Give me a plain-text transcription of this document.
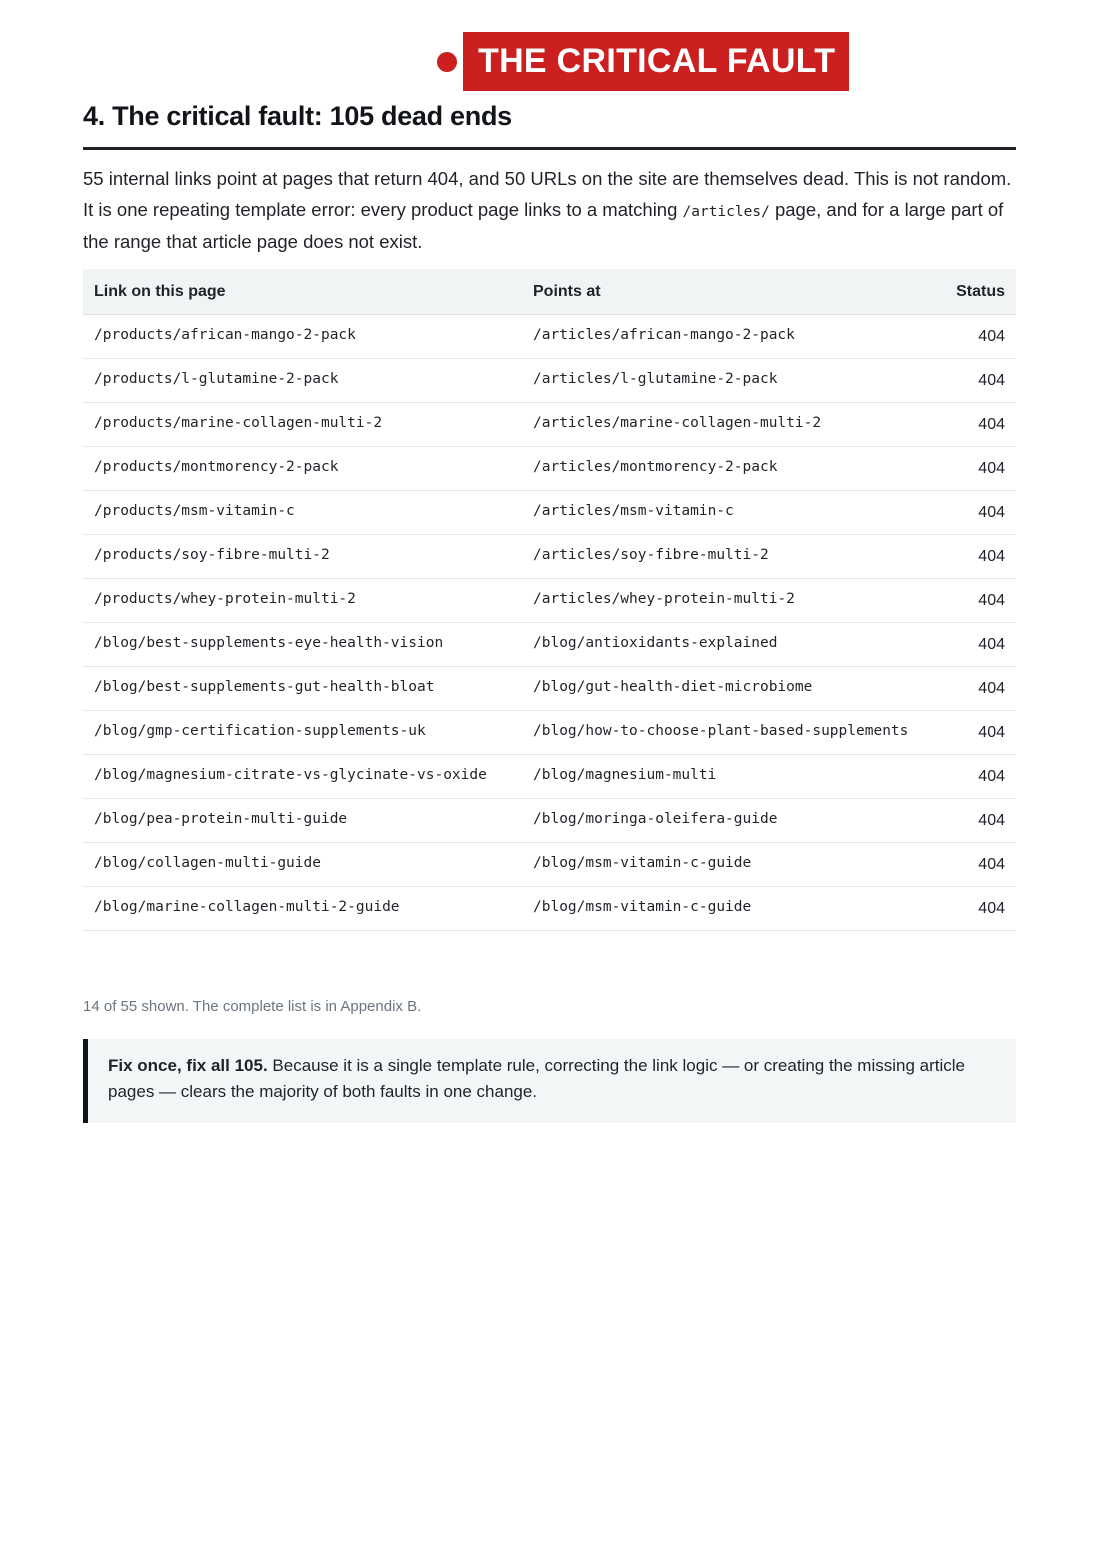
THE CRITICAL FAULT
4. The critical fault: 105 dead ends

55 internal links point at pages that return 404, and 50 URLs on the site are themselves dead. This is not random. It is one repeating template error: every product page links to a matching /articles/ page, and for a large part of the range that article page does not exist.

Link on this page	Points at	Status
/products/african-mango-2-pack	/articles/african-mango-2-pack	404
/products/l-glutamine-2-pack	/articles/l-glutamine-2-pack	404
/products/marine-collagen-multi-2	/articles/marine-collagen-multi-2	404
/products/montmorency-2-pack	/articles/montmorency-2-pack	404
/products/msm-vitamin-c	/articles/msm-vitamin-c	404
/products/soy-fibre-multi-2	/articles/soy-fibre-multi-2	404
/products/whey-protein-multi-2	/articles/whey-protein-multi-2	404
/blog/best-supplements-eye-health-vision	/blog/antioxidants-explained	404
/blog/best-supplements-gut-health-bloat	/blog/gut-health-diet-microbiome	404
/blog/gmp-certification-supplements-uk	/blog/how-to-choose-plant-based-supplements	404
/blog/magnesium-citrate-vs-glycinate-vs-oxide	/blog/magnesium-multi	404
/blog/pea-protein-multi-guide	/blog/moringa-oleifera-guide	404
/blog/collagen-multi-guide	/blog/msm-vitamin-c-guide	404
/blog/marine-collagen-multi-2-guide	/blog/msm-vitamin-c-guide	404

14 of 55 shown. The complete list is in Appendix B.

Fix once, fix all 105. Because it is a single template rule, correcting the link logic — or creating the missing article pages — clears the majority of both faults in one change.
